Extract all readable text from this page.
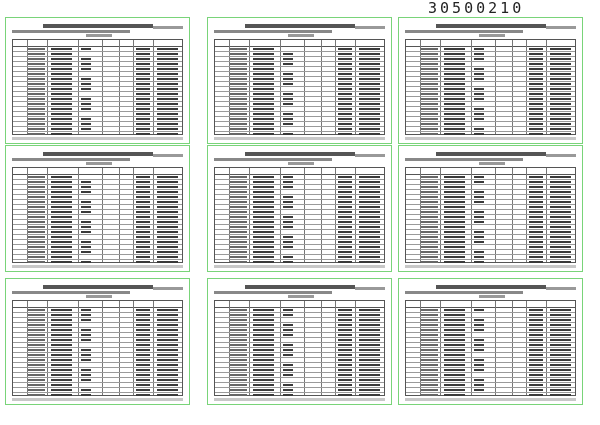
30500210
